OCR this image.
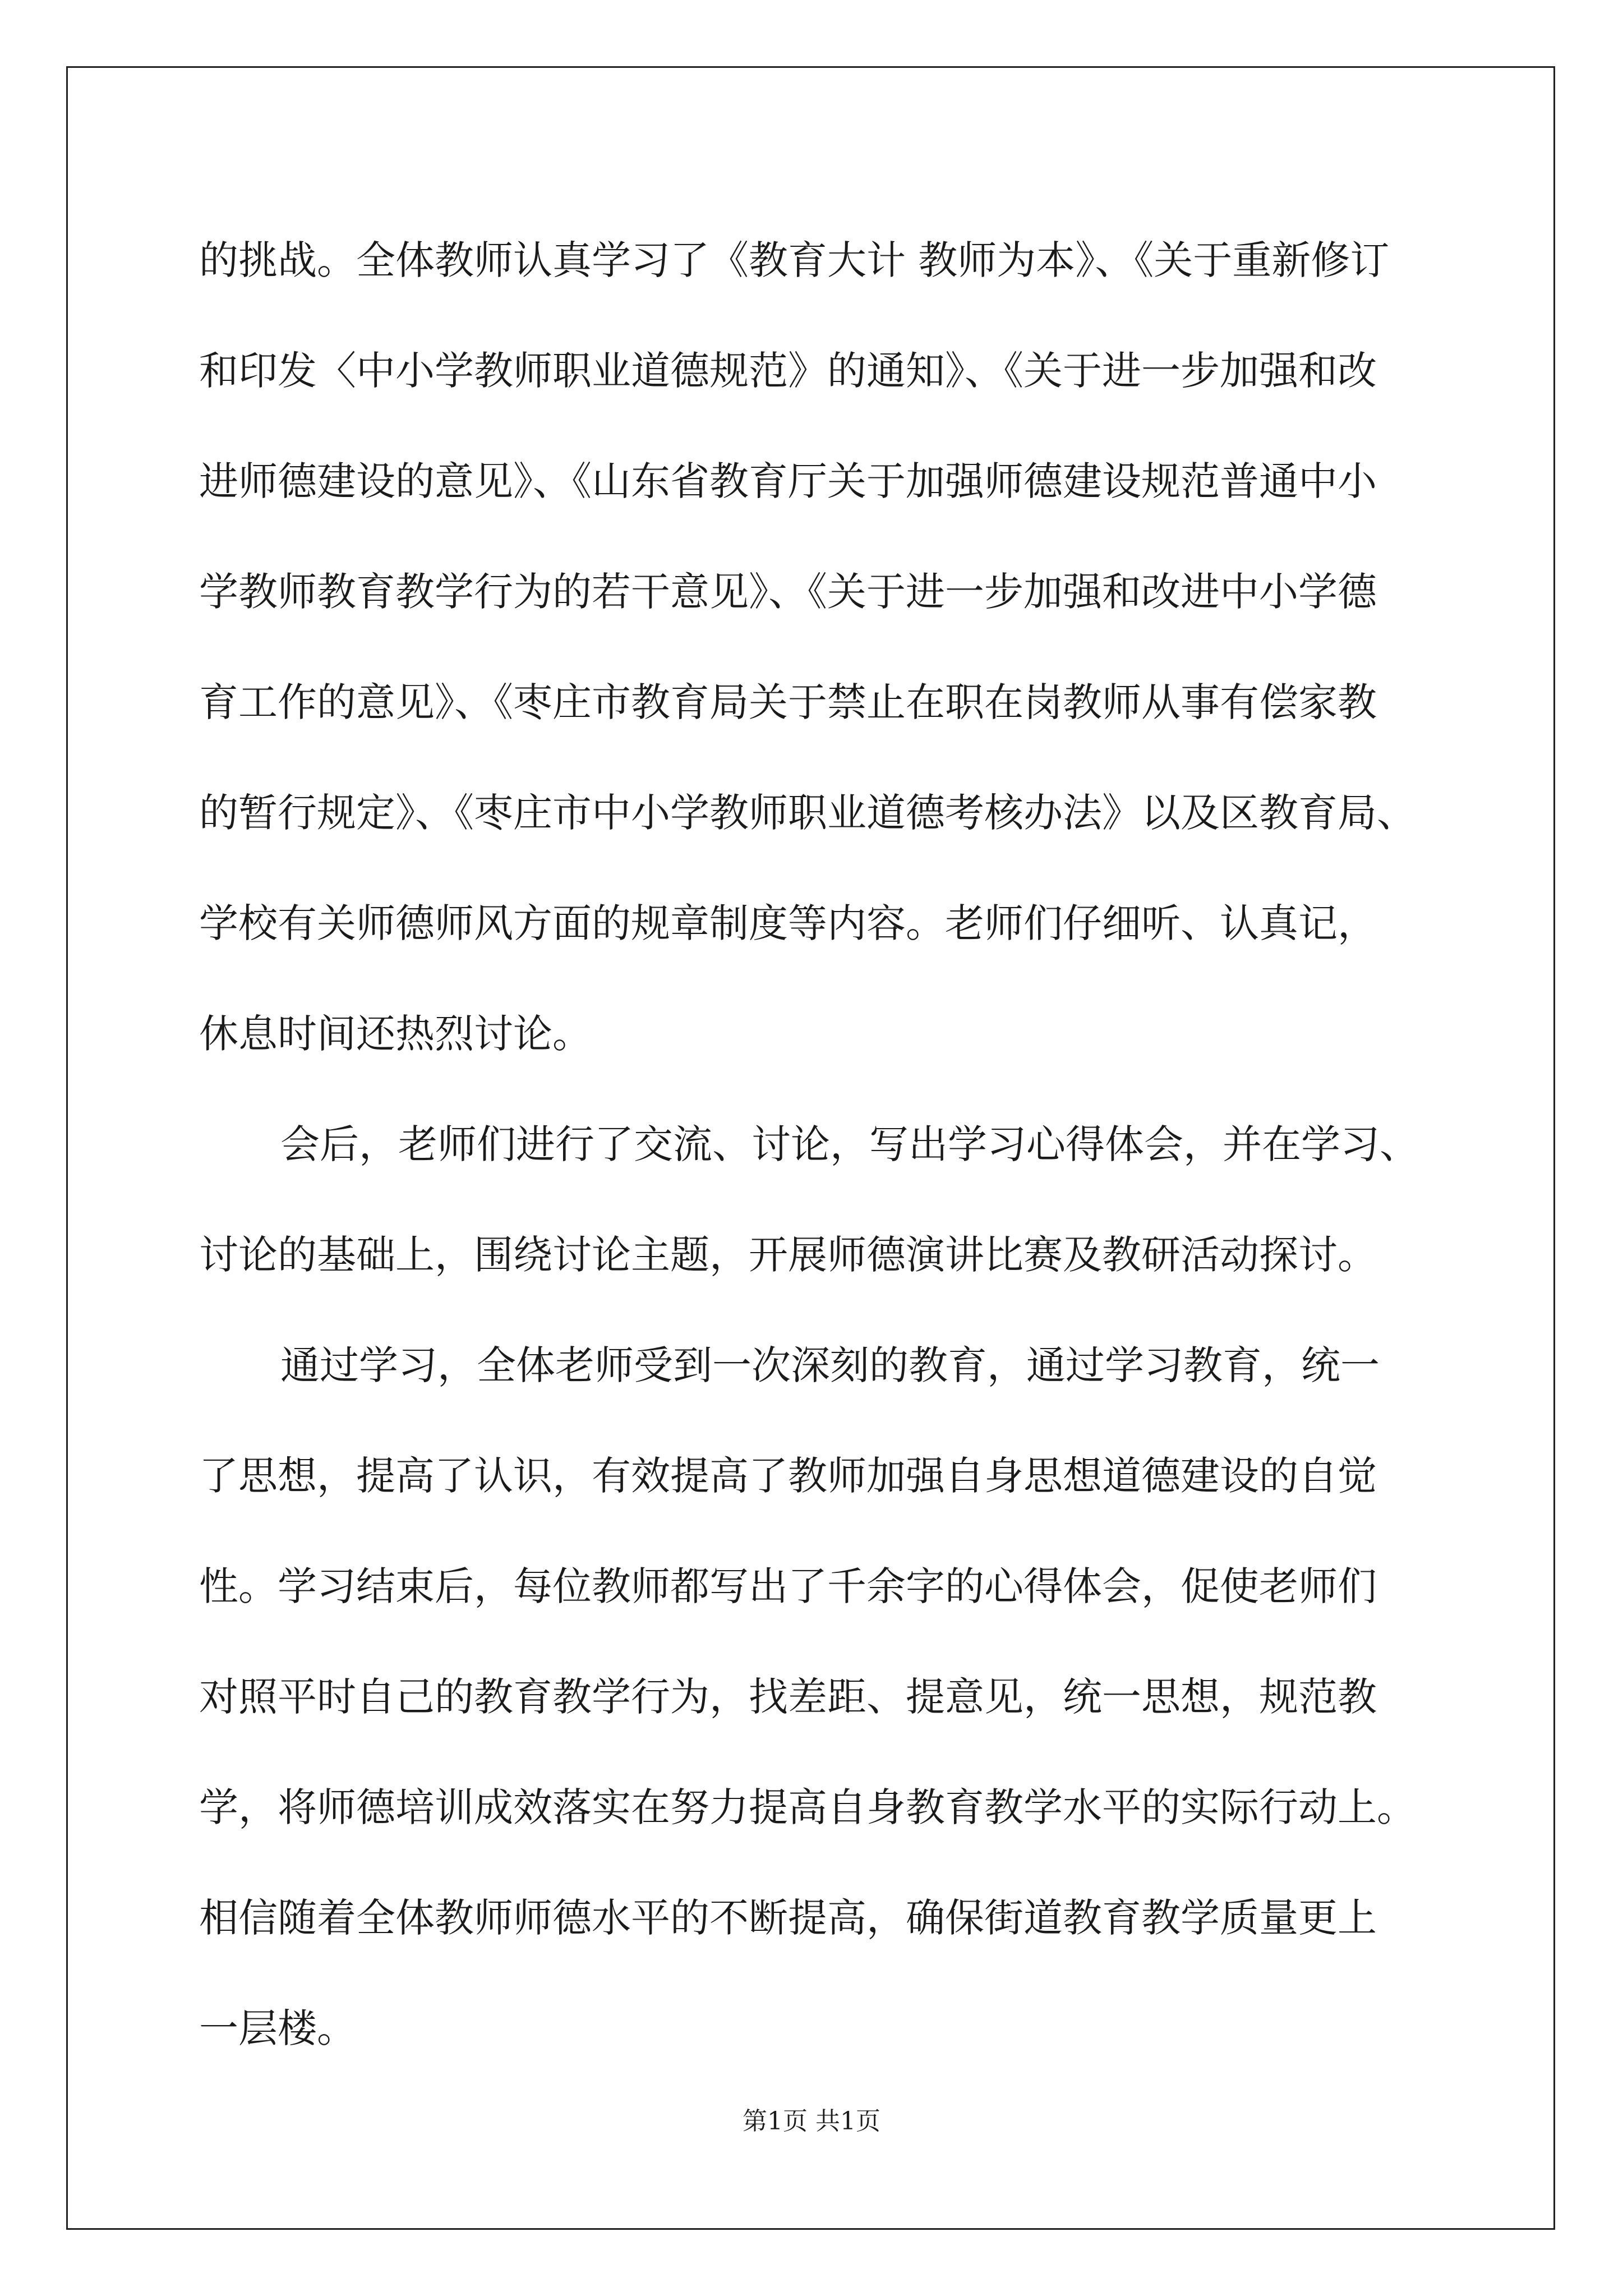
的挑战。全体教师认真学习了《教育大计 教师为本》、《关于重新修订
和印发〈中小学教师职业道德规范》的通知》、《关于进一步加强和改
进师德建设的意见》、《山东省教育厅关于加强师德建设规范普通中小
学教师教育教学行为的若干意见》、《关于进一步加强和改进中小学德
育工作的意见》、《枣庄市教育局关于禁止在职在岗教师从事有偿家教
的暂行规定》、《枣庄市中小学教师职业道德考核办法》以及区教育局、
学校有关师德师风方面的规章制度等内容。老师们仔细听、认真记，
休息时间还热烈讨论。
会后，老师们进行了交流、讨论，写出学习心得体会，并在学习、
讨论的基础上，围绕讨论主题，开展师德演讲比赛及教研活动探讨。
通过学习，全体老师受到一次深刻的教育，通过学习教育，统一
了思想，提高了认识，有效提高了教师加强自身思想道德建设的自觉
性。学习结束后，每位教师都写出了千余字的心得体会，促使老师们
对照平时自己的教育教学行为，找差距、提意见，统一思想，规范教
学，将师德培训成效落实在努力提高自身教育教学水平的实际行动上。
相信随着全体教师师德水平的不断提高，确保街道教育教学质量更上
一层楼。
第1页 共1页
